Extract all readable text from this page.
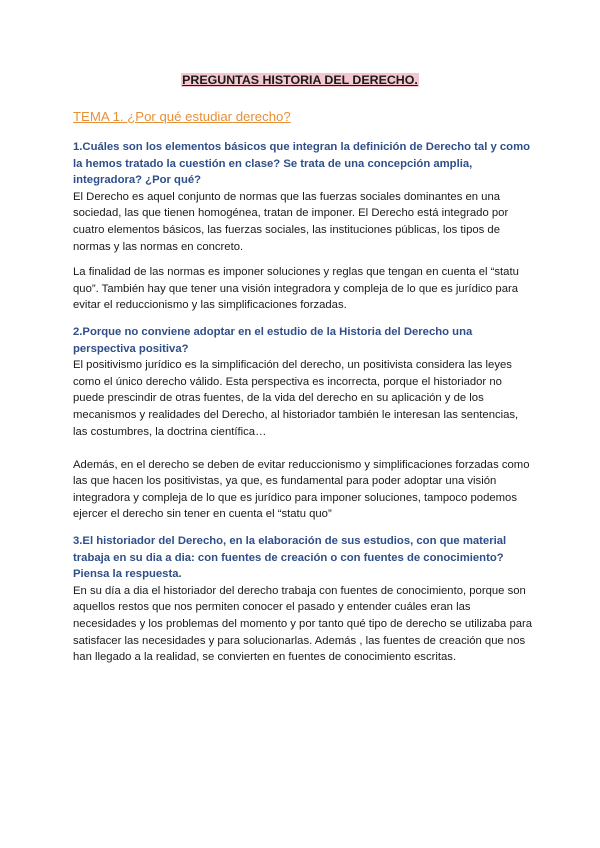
PREGUNTAS HISTORIA DEL DERECHO.

TEMA 1. ¿Por qué estudiar derecho?

1.Cuáles son los elementos básicos que integran la definición de Derecho tal y como la hemos tratado la cuestión en clase? Se trata de una concepción amplia, integradora? ¿Por qué?

El Derecho es aquel conjunto de normas que las fuerzas sociales dominantes en una sociedad, las que tienen homogénea, tratan de imponer. El Derecho está integrado por cuatro elementos básicos, las fuerzas sociales, las instituciones públicas, los tipos de normas y las normas en concreto.

La finalidad de las normas es imponer soluciones y reglas que tengan en cuenta el “statu quo”. También hay que tener una visión integradora y compleja de lo que es jurídico para evitar el reduccionismo y las simplificaciones forzadas.

2.Porque no conviene adoptar en el estudio de la Historia del Derecho una perspectiva positiva?

El positivismo jurídico es la simplificación del derecho, un positivista considera las leyes como el único derecho válido. Esta perspectiva es incorrecta, porque el historiador no puede prescindir de otras fuentes, de la vida del derecho en su aplicación y de los mecanismos y realidades del Derecho, al historiador también le interesan las sentencias, las costumbres, la doctrina científica…

Además, en el derecho se deben de evitar reduccionismo y simplificaciones forzadas como las que hacen los positivistas, ya que, es fundamental para poder adoptar una visión integradora y compleja de lo que es jurídico para imponer soluciones, tampoco podemos ejercer el derecho sin tener en cuenta el “statu quo”

3.El historiador del Derecho, en la elaboración de sus estudios, con que material trabaja en su dia a dia: con fuentes de creación o con fuentes de conocimiento? Piensa la respuesta.

En su día a dia el historiador del derecho trabaja con fuentes de conocimiento, porque son aquellos restos que nos permiten conocer el pasado y entender cuáles eran las necesidades y los problemas del momento y por tanto qué tipo de derecho se utilizaba para satisfacer las necesidades y para solucionarlas. Además , las fuentes de creación que nos han llegado a la realidad, se convierten en fuentes de conocimiento escritas.
